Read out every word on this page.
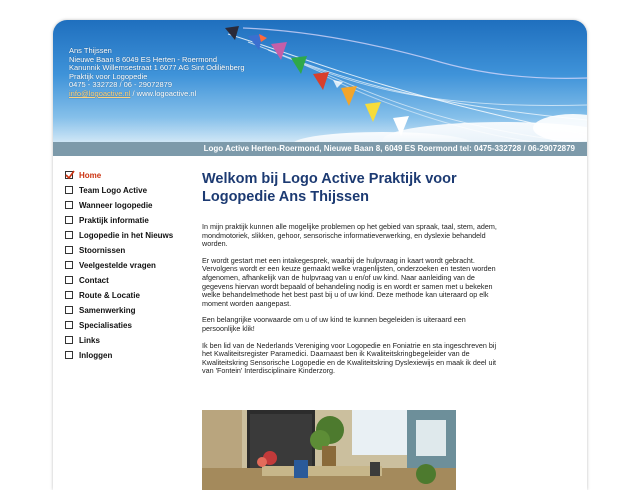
Ans Thijssen
Nieuwe Baan 8 6049 ES Herten - Roermond
Kanunnik Willemsestraat 1 6077 AG Sint Odiliënberg
Praktijk voor Logopedie
0475 - 332728 / 06 - 29072879
info@logoactive.nl / www.logoactive.nl
Logo Active Herten-Roermond, Nieuwe Baan 8, 6049 ES Roermond tel: 0475-332728 / 06-29072879
Home
Team Logo Active
Wanneer logopedie
Praktijk informatie
Logopedie in het Nieuws
Stoornissen
Veelgestelde vragen
Contact
Route & Locatie
Samenwerking
Specialisaties
Links
Inloggen
Welkom bij Logo Active Praktijk voor Logopedie Ans Thijssen

In mijn praktijk kunnen alle mogelijke problemen op het gebied van spraak, taal, stem, adem, mondmotoriek, slikken, gehoor, sensorische informatieverwerking, en dyslexie behandeld worden.

Er wordt gestart met een intakegesprek, waarbij de hulpvraag in kaart wordt gebracht. Vervolgens wordt er een keuze gemaakt welke vragenlijsten, onderzoeken en testen worden afgenomen, afhankelijk van de hulpvraag van u en/of uw kind. Naar aanleiding van de gegevens hiervan wordt bepaald of behandeling nodig is en wordt er samen met u bekeken welke behandelmethode het best past bij u of uw kind. Deze methode kan uiteraard op elk moment worden aangepast.

Een belangrijke voorwaarde om u of uw kind te kunnen begeleiden is uiteraard een persoonlijke klik!

Ik ben lid van de Nederlands Vereniging voor Logopedie en Foniatrie en sta ingeschreven bij het Kwaliteitsregister Paramedici. Daarnaast ben ik Kwaliteitskringbegeleider van de Kwaliteitskring Sensorische Logopedie en de Kwaliteitskring Dyslexiewijs en maak ik deel uit van 'Fontein' Interdisciplinaire Kinderzorg.
